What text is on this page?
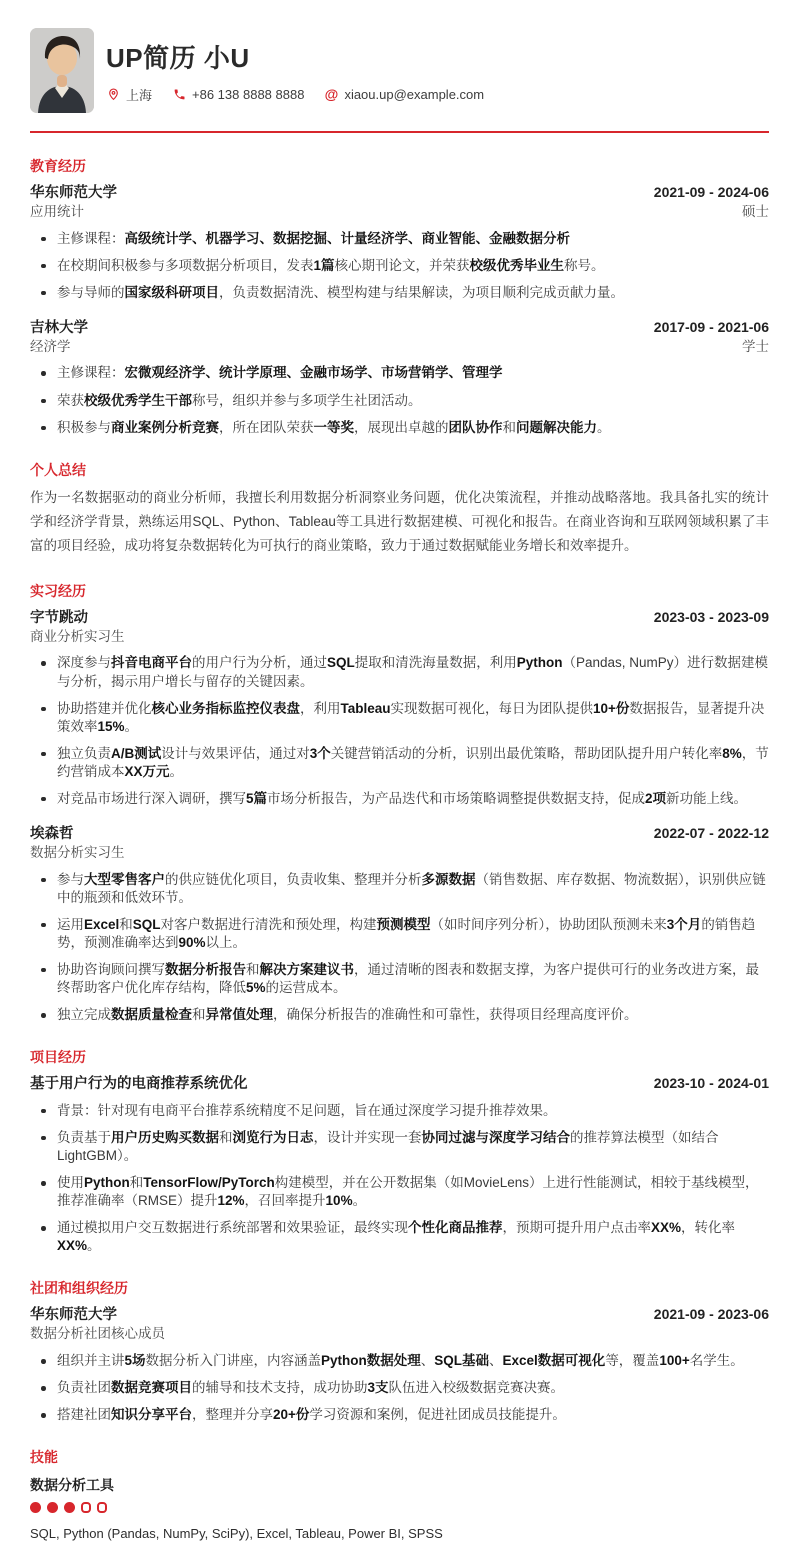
UP简历 小U
上海	+86 138 8888 8888 @ xiaou.up@example.com
教育经历
华东师范大学	2021-09 - 2024-06
应用统计	硕士
主修课程：高级统计学、机器学习、数据挖掘、计量经济学、商业智能、金融数据分析
在校期间积极参与多项数据分析项目，发表1篇核心期刊论文，并荣获校级优秀毕业生称号。
参与导师的国家级科研项目，负责数据清洗、模型构建与结果解读，为项目顺利完成贡献力量。
吉林大学	2017-09 - 2021-06
经济学	学士
主修课程：宏微观经济学、统计学原理、金融市场学、市场营销学、管理学
荣获校级优秀学生干部称号，组织并参与多项学生社团活动。
积极参与商业案例分析竞赛，所在团队荣获一等奖，展现出卓越的团队协作和问题解决能力。
个人总结
作为一名数据驱动的商业分析师，我擅长利用数据分析洞察业务问题，优化决策流程，并推动战略落地。我具备扎实的统计学和经济学背景，熟练运用SQL、Python、Tableau等工具进行数据建模、可视化和报告。在商业咨询和互联网领域积累了丰富的项目经验，成功将复杂数据转化为可执行的商业策略，致力于通过数据赋能业务增长和效率提升。
实习经历
字节跳动	2023-03 - 2023-09
商业分析实习生
深度参与抖音电商平台的用户行为分析，通过SQL提取和清洗海量数据，利用Python（Pandas, NumPy）进行数据建模与分析，揭示用户增长与留存的关键因素。
协助搭建并优化核心业务指标监控仪表盘，利用Tableau实现数据可视化，每日为团队提供10+份数据报告，显著提升决策效率15%。
独立负责A/B测试设计与效果评估，通过对3个关键营销活动的分析，识别出最优策略，帮助团队提升用户转化率8%，节约营销成本XX万元。
对竞品市场进行深入调研，撰写5篇市场分析报告，为产品迭代和市场策略调整提供数据支持，促成2项新功能上线。
埃森哲	2022-07 - 2022-12
数据分析实习生
参与大型零售客户的供应链优化项目，负责收集、整理并分析多源数据（销售数据、库存数据、物流数据），识别供应链中的瓶颈和低效环节。
运用Excel和SQL对客户数据进行清洗和预处理，构建预测模型（如时间序列分析），协助团队预测未来3个月的销售趋势，预测准确率达到90%以上。
协助咨询顾问撰写数据分析报告和解决方案建议书，通过清晰的图表和数据支撑，为客户提供可行的业务改进方案，最终帮助客户优化库存结构，降低5%的运营成本。
独立完成数据质量检查和异常值处理，确保分析报告的准确性和可靠性，获得项目经理高度评价。
项目经历
基于用户行为的电商推荐系统优化	2023-10 - 2024-01
背景：针对现有电商平台推荐系统精度不足问题，旨在通过深度学习提升推荐效果。
负责基于用户历史购买数据和浏览行为日志，设计并实现一套协同过滤与深度学习结合的推荐算法模型（如结合LightGBM）。
使用Python和TensorFlow/PyTorch构建模型，并在公开数据集（如MovieLens）上进行性能测试，相较于基线模型，推荐准确率（RMSE）提升12%，召回率提升10%。
通过模拟用户交互数据进行系统部署和效果验证，最终实现个性化商品推荐，预期可提升用户点击率XX%，转化率XX%。
社团和组织经历
华东师范大学	2021-09 - 2023-06
数据分析社团核心成员
组织并主讲5场数据分析入门讲座，内容涵盖Python数据处理、SQL基础、Excel数据可视化等，覆盖100+名学生。
负责社团数据竞赛项目的辅导和技术支持，成功协助3支队伍进入校级数据竞赛决赛。
搭建社团知识分享平台，整理并分享20+份学习资源和案例，促进社团成员技能提升。
技能
数据分析工具
SQL, Python (Pandas, NumPy, SciPy), Excel, Tableau, Power BI, SPSS
